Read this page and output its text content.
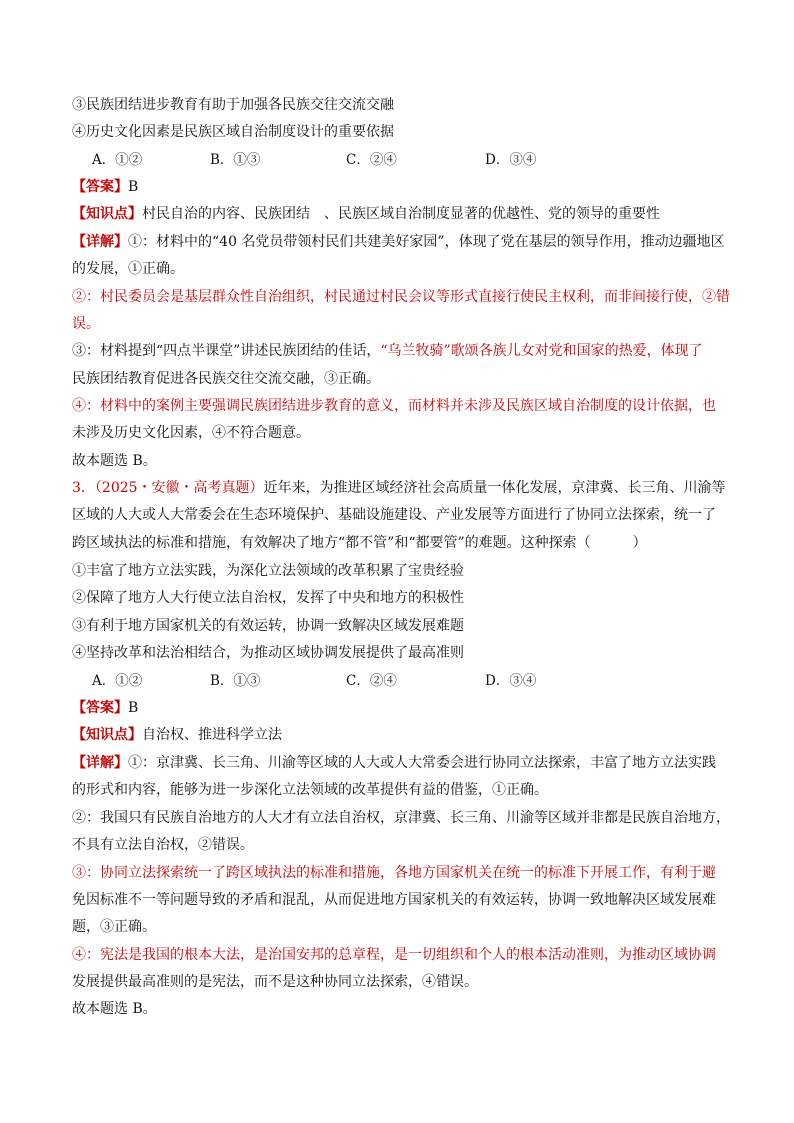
③民族团结进步教育有助于加强各民族交往交流交融
④历史文化因素是民族区域自治制度设计的重要依据
A．①②	B．①③	C．②④	D．③④
【答案】B
【知识点】村民自治的内容、民族团结　、民族区域自治制度显著的优越性、党的领导的重要性
【详解】①：材料中的“40 名党员带领村民们共建美好家园”，体现了党在基层的领导作用，推动边疆地区
的发展，①正确。
②：村民委员会是基层群众性自治组织，村民通过村民会议等形式直接行使民主权利，而非间接行使，②错
误。
③：材料提到“四点半课堂”讲述民族团结的佳话，“乌兰牧骑”歌颂各族儿女对党和国家的热爱，体现了
民族团结教育促进各民族交往交流交融，③正确。
④：材料中的案例主要强调民族团结进步教育的意义，而材料并未涉及民族区域自治制度的设计依据，也
未涉及历史文化因素，④不符合题意。
故本题选 B。
3．（2025・安徽・高考真题）近年来，为推进区域经济社会高质量一体化发展，京津冀、长三角、川渝等
区域的人大或人大常委会在生态环境保护、基础设施建设、产业发展等方面进行了协同立法探索，统一了
跨区域执法的标准和措施，有效解决了地方“都不管”和“都要管”的难题。这种探索（　　　）
①丰富了地方立法实践，为深化立法领域的改革积累了宝贵经验
②保障了地方人大行使立法自治权，发挥了中央和地方的积极性
③有利于地方国家机关的有效运转，协调一致解决区域发展难题
④坚持改革和法治相结合，为推动区域协调发展提供了最高准则
A．①②	B．①③	C．②④	D．③④
【答案】B
【知识点】自治权、推进科学立法
【详解】①：京津冀、长三角、川渝等区域的人大或人大常委会进行协同立法探索，丰富了地方立法实践
的形式和内容，能够为进一步深化立法领域的改革提供有益的借鉴，①正确。
②：我国只有民族自治地方的人大才有立法自治权，京津冀、长三角、川渝等区域并非都是民族自治地方，
不具有立法自治权，②错误。
③：协同立法探索统一了跨区域执法的标准和措施，各地方国家机关在统一的标准下开展工作，有利于避
免因标准不一等问题导致的矛盾和混乱，从而促进地方国家机关的有效运转，协调一致地解决区域发展难
题，③正确。
④：宪法是我国的根本大法，是治国安邦的总章程，是一切组织和个人的根本活动准则，为推动区域协调
发展提供最高准则的是宪法，而不是这种协同立法探索，④错误。
故本题选 B。
